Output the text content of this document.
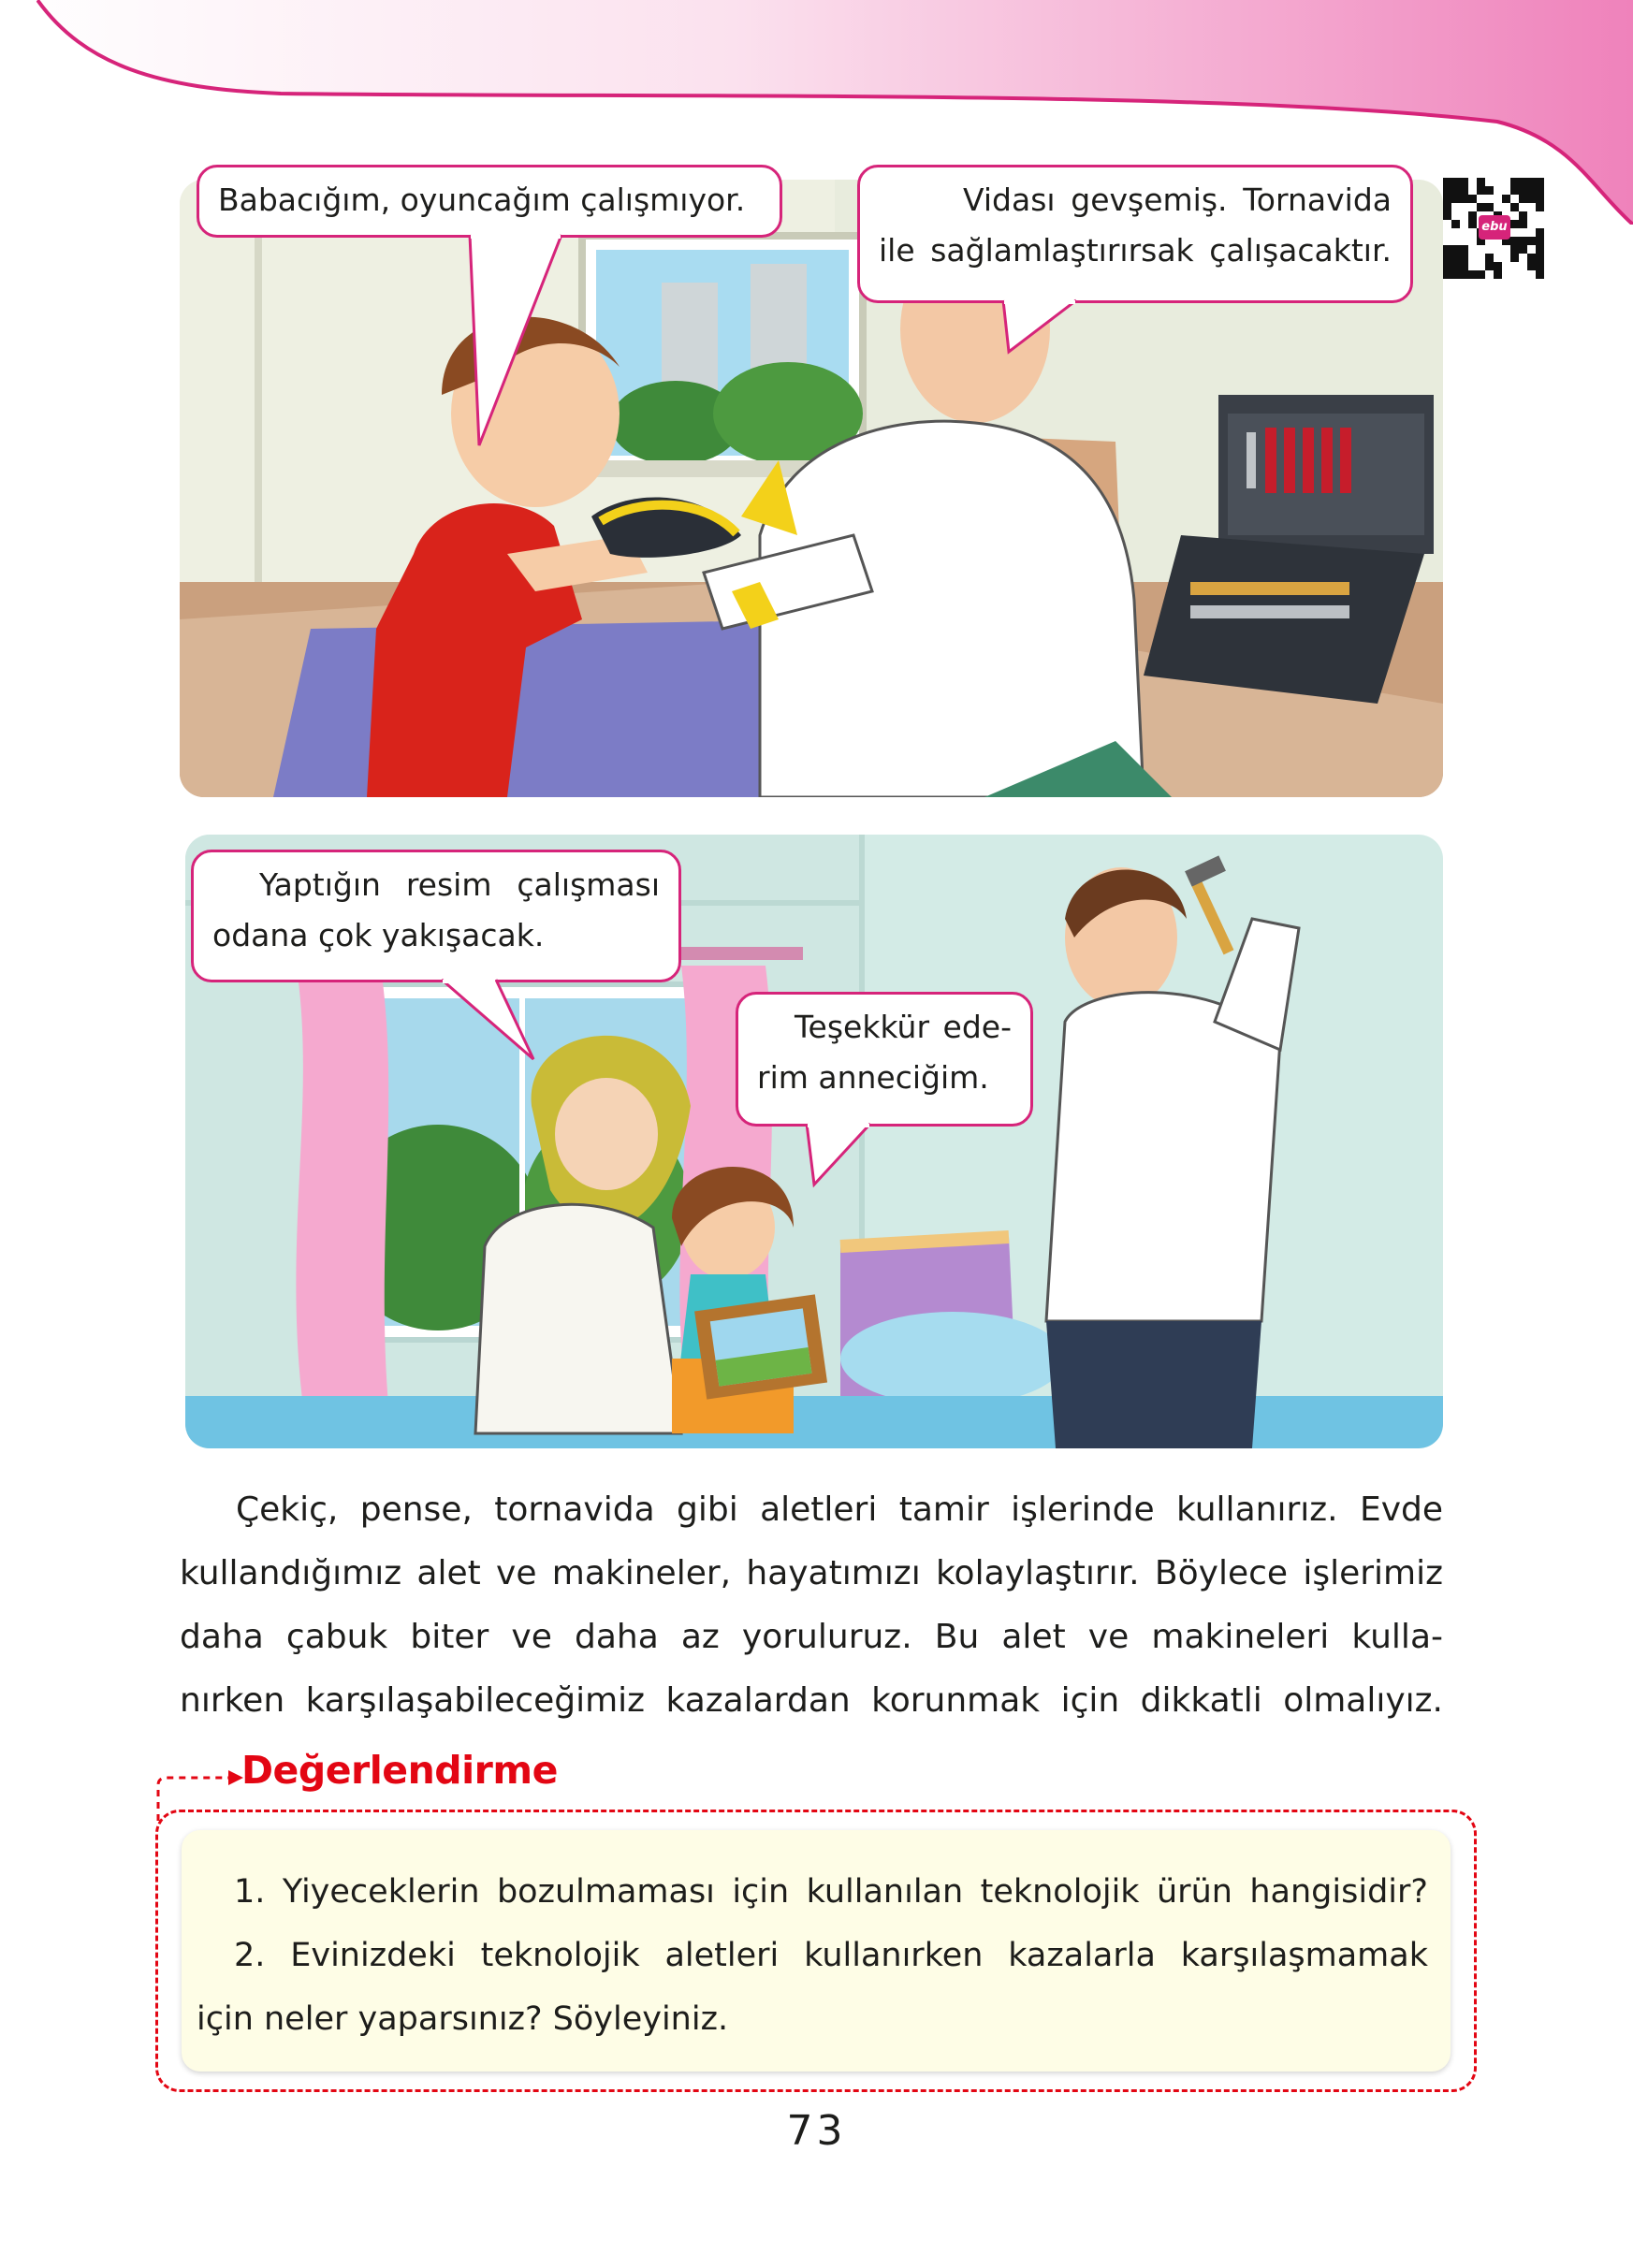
ebu
Babacığım, oyuncağım çalışmıyor.	Vidası gevşemiş. Tornavida
ile sağlamlaştırırsak çalışacaktır.
Yaptığın resim çalışması
odana çok yakışacak.
Teşekkür ede-
rim anneciğim.
Çekiç, pense, tornavida gibi aletleri tamir işlerinde kullanırız. Evde
kullandığımız alet ve makineler, hayatımızı kolaylaştırır. Böylece işlerimiz
daha çabuk biter ve daha az yoruluruz. Bu alet ve makineleri kulla-
nırken karşılaşabileceğimiz kazalardan korunmak için dikkatli olmalıyız.
Değerlendirme
1. Yiyeceklerin bozulmaması için kullanılan teknolojik ürün hangisidir?
2. Evinizdeki teknolojik aletleri kullanırken kazalarla karşılaşmamak
için neler yaparsınız? Söyleyiniz.
73
